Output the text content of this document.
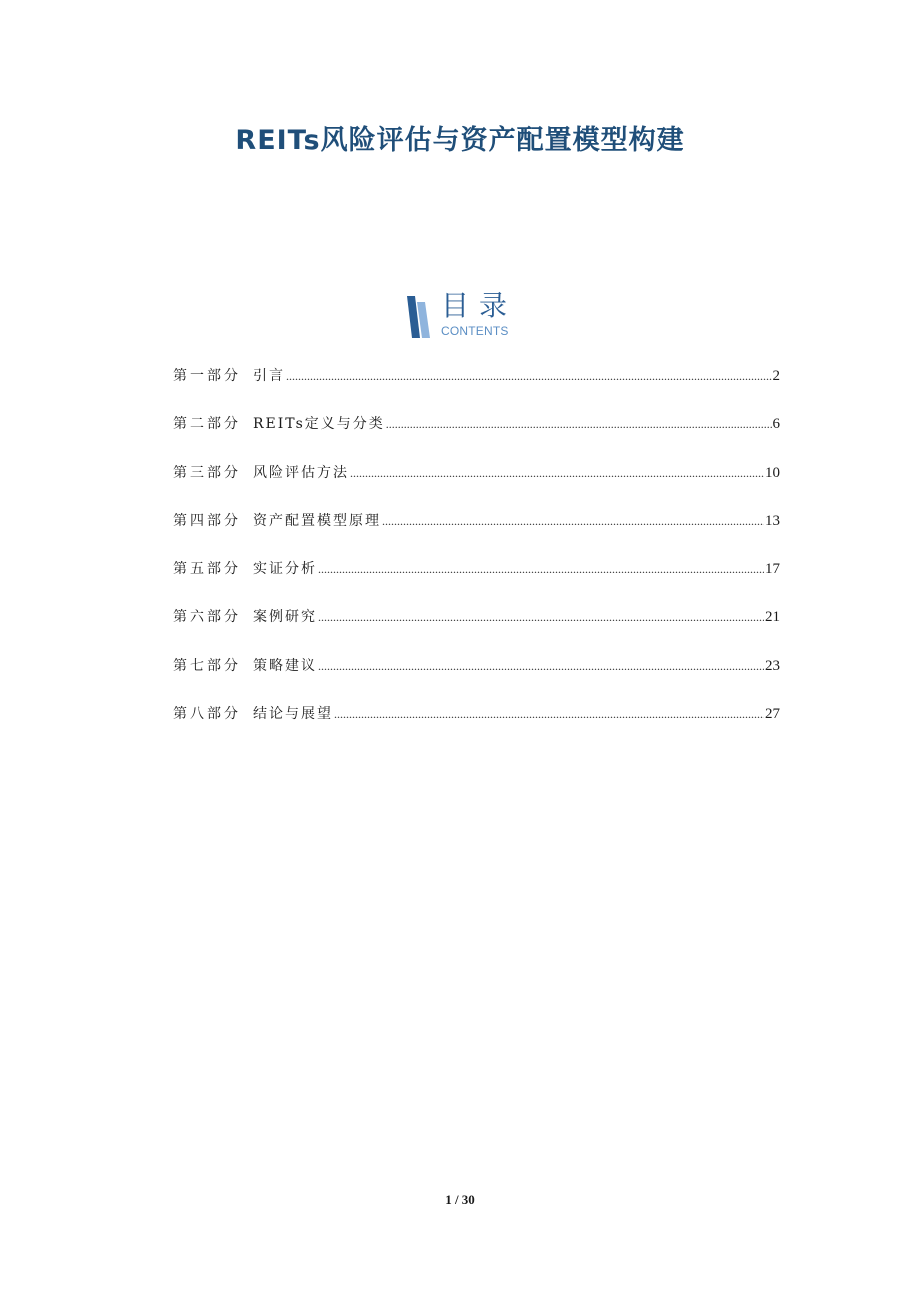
REITs风险评估与资产配置模型构建
目录
CONTENTS
第一部分 引言 .....	2
第二部分 REITs定义与分类 .....	6
第三部分 风险评估方法 .....	10
第四部分 资产配置模型原理 .....	13
第五部分 实证分析 .....	17
第六部分 案例研究 .....	21
第七部分 策略建议 .....	23
第八部分 结论与展望 .....	27
1 / 30
